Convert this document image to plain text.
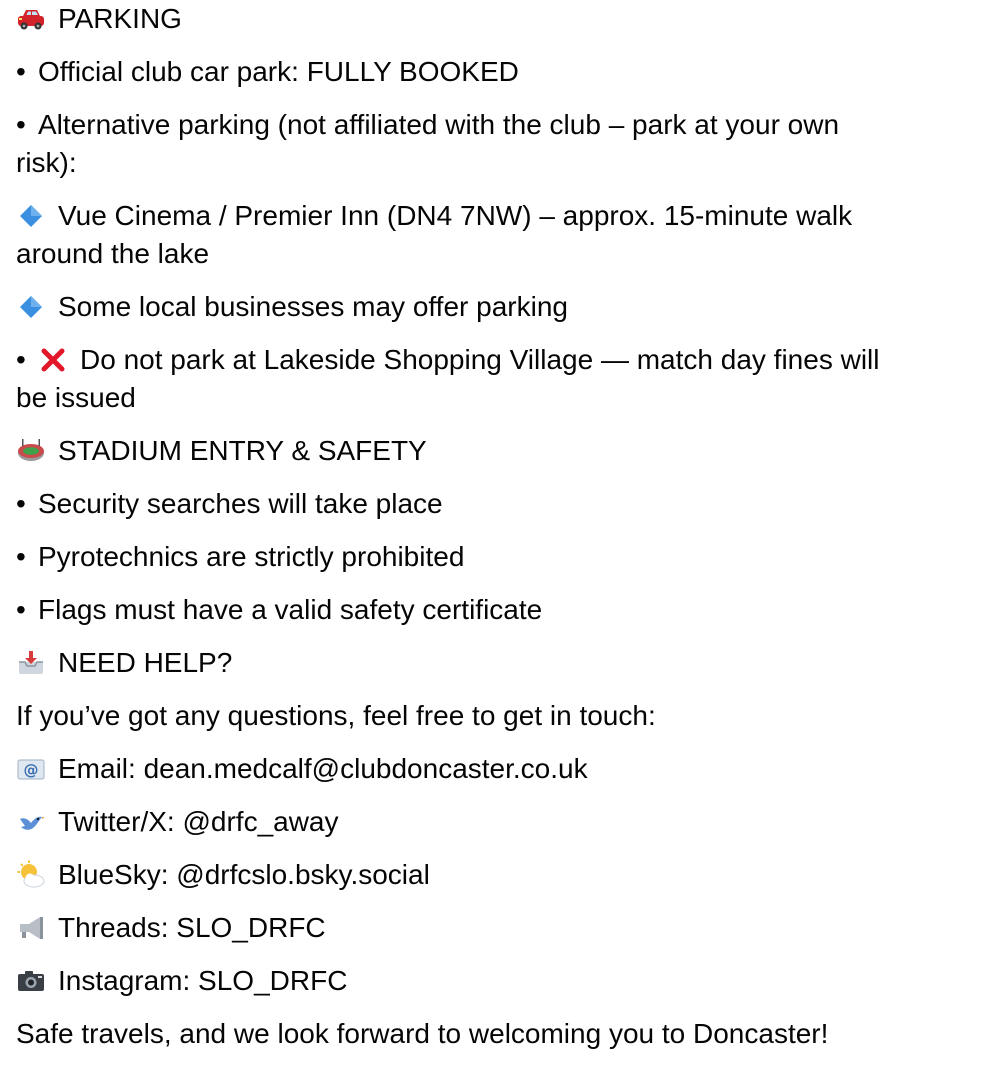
PARKING
• Official club car park: FULLY BOOKED
• Alternative parking (not affiliated with the club – park at your own
risk):
Vue Cinema / Premier Inn (DN4 7NW) – approx. 15-minute walk
around the lake
Some local businesses may offer parking
• Do not park at Lakeside Shopping Village — match day fines will
be issued
STADIUM ENTRY & SAFETY
• Security searches will take place
• Pyrotechnics are strictly prohibited
• Flags must have a valid safety certificate
NEED HELP?
If you’ve got any questions, feel free to get in touch:
@ Email: dean.medcalf@clubdoncaster.co.uk
Twitter/X: @drfc_away
BlueSky: @drfcslo.bsky.social
Threads: SLO_DRFC
Instagram: SLO_DRFC
Safe travels, and we look forward to welcoming you to Doncaster!
